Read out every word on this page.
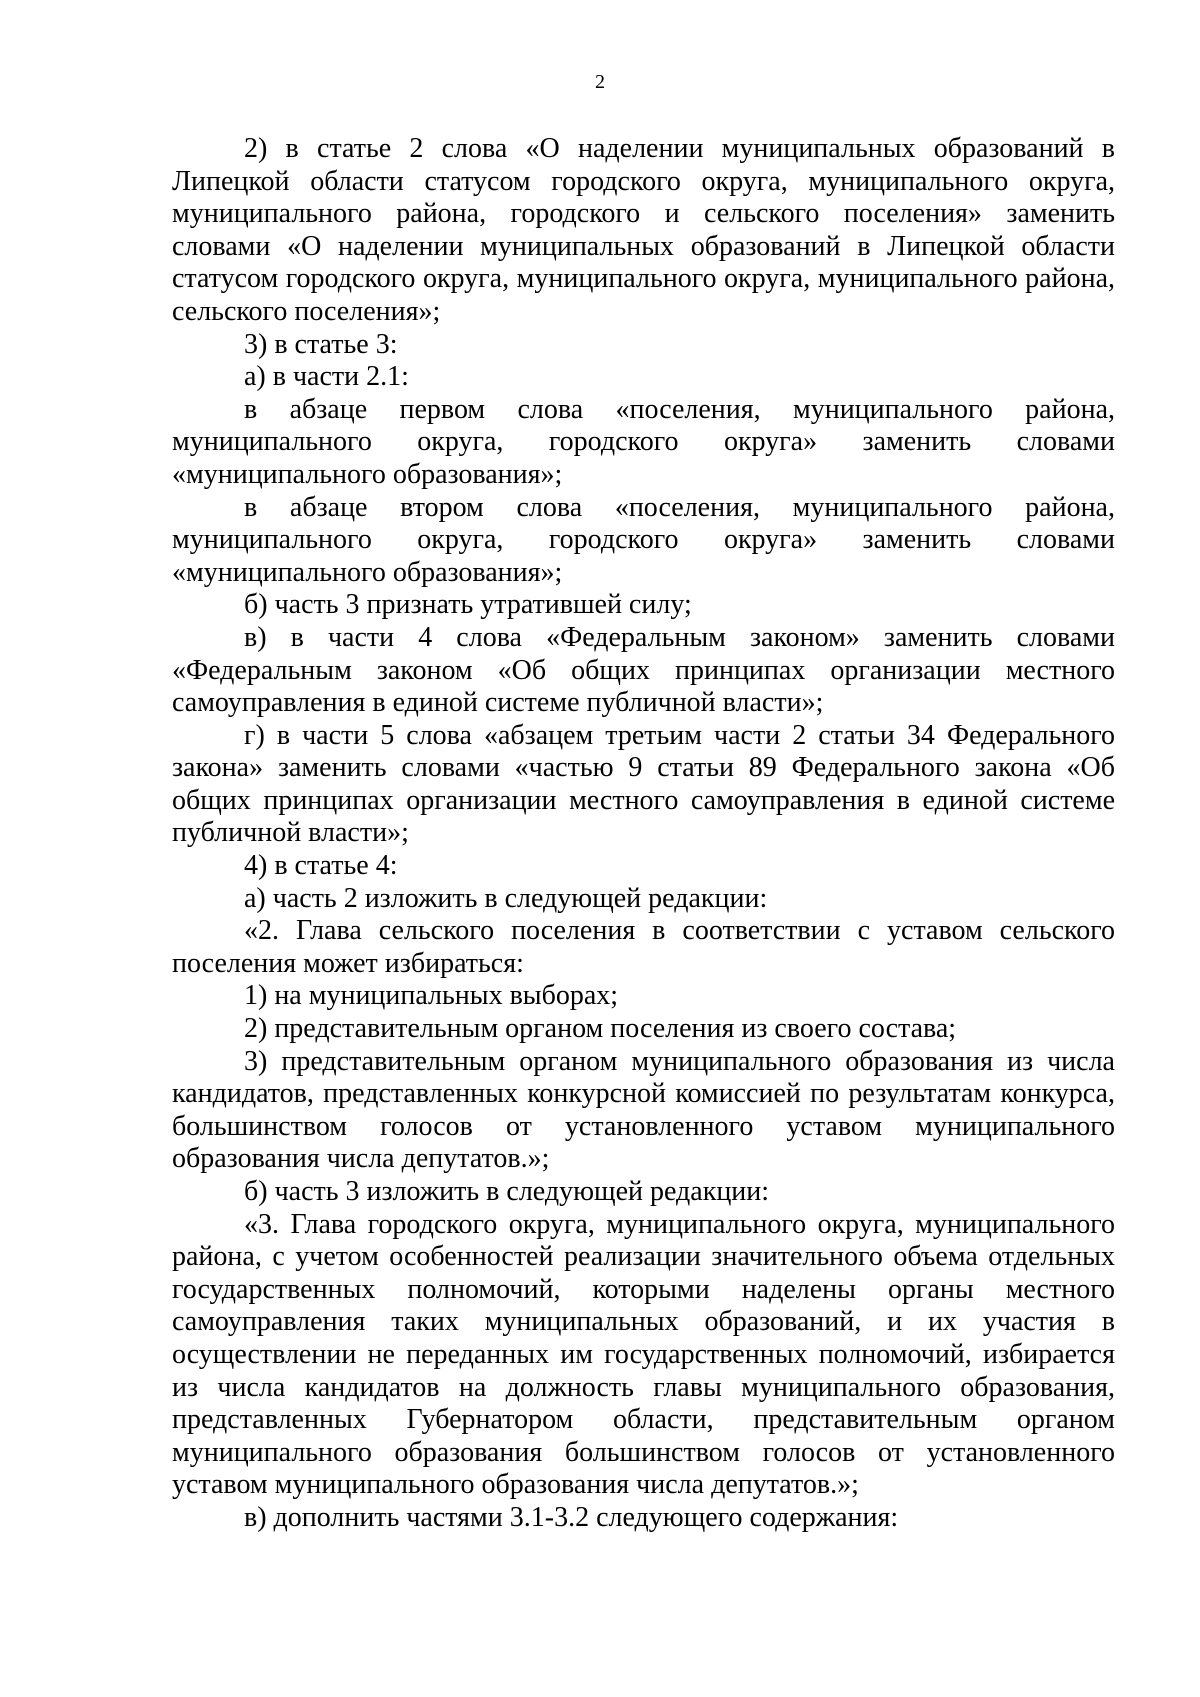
2

2) в статье 2 слова «О наделении муниципальных образований в Липецкой области статусом городского округа, муниципального округа, муниципального района, городского и сельского поселения» заменить словами «О наделении муниципальных образований в Липецкой области статусом городского округа, муниципального округа, муниципального района, сельского поселения»;

3) в статье 3:

а) в части 2.1:

в абзаце первом слова «поселения, муниципального района, муниципального округа, городского округа» заменить словами «муниципального образования»;

в абзаце втором слова «поселения, муниципального района, муниципального округа, городского округа» заменить словами «муниципального образования»;

б) часть 3 признать утратившей силу;

в) в части 4 слова «Федеральным законом» заменить словами «Федеральным законом «Об общих принципах организации местного самоуправления в единой системе публичной власти»;

г) в части 5 слова «абзацем третьим части 2 статьи 34 Федерального закона» заменить словами «частью 9 статьи 89 Федерального закона «Об общих принципах организации местного самоуправления в единой системе публичной власти»;

4) в статье 4:

а) часть 2 изложить в следующей редакции:

«2. Глава сельского поселения в соответствии с уставом сельского поселения может избираться:

1) на муниципальных выборах;

2) представительным органом поселения из своего состава;

3) представительным органом муниципального образования из числа кандидатов, представленных конкурсной комиссией по результатам конкурса, большинством голосов от установленного уставом муниципального образования числа депутатов.»;

б) часть 3 изложить в следующей редакции:

«3. Глава городского округа, муниципального округа, муниципального района, с учетом особенностей реализации значительного объема отдельных государственных полномочий, которыми наделены органы местного самоуправления таких муниципальных образований, и их участия в осуществлении не переданных им государственных полномочий, избирается из числа кандидатов на должность главы муниципального образования, представленных Губернатором области, представительным органом муниципального образования большинством голосов от установленного уставом муниципального образования числа депутатов.»;

в) дополнить частями 3.1-3.2 следующего содержания:
